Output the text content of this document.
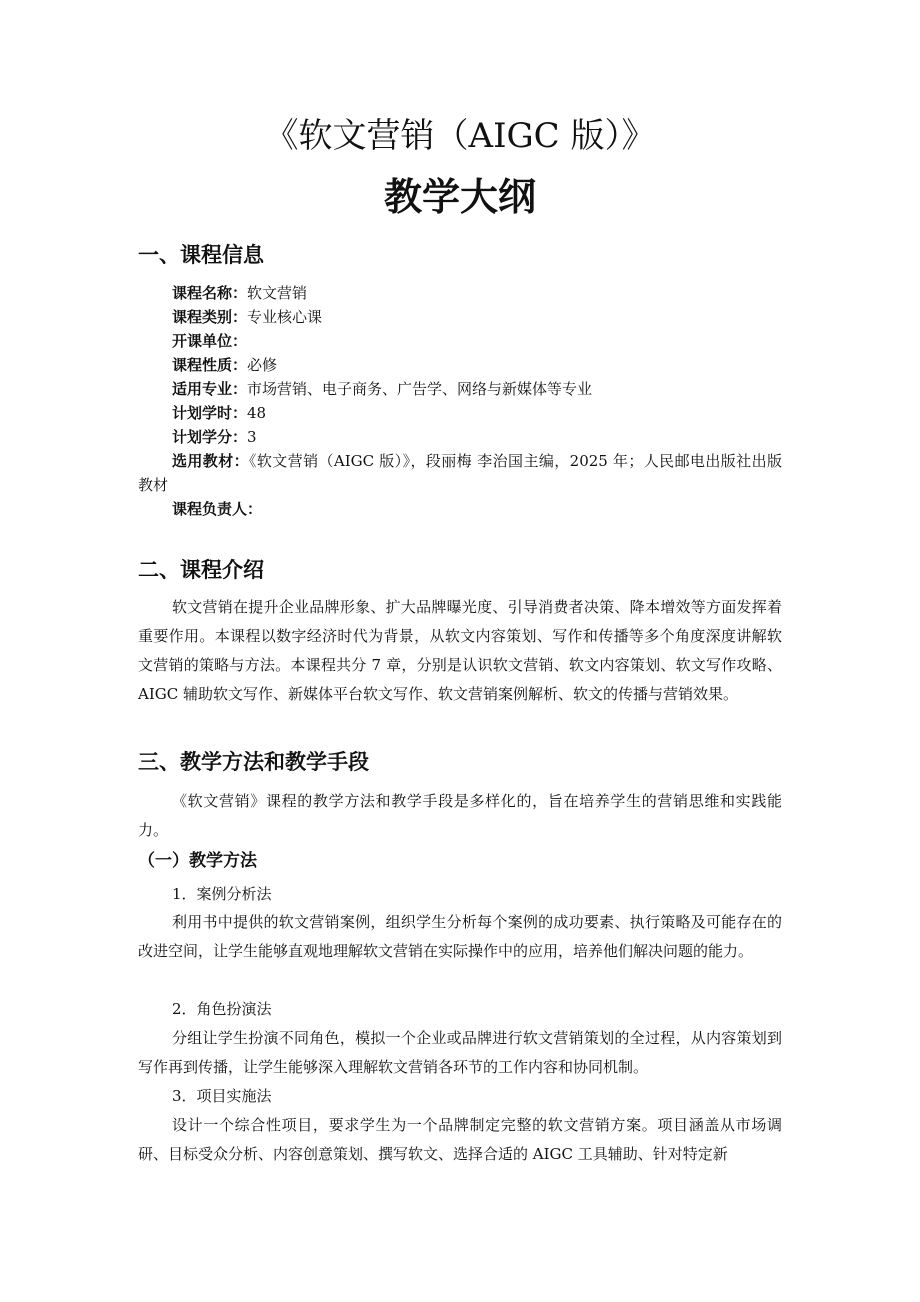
《软文营销（AIGC 版）》
教学大纲
一、课程信息
课程名称：软文营销
课程类别：专业核心课
开课单位：
课程性质：必修
适用专业：市场营销、电子商务、广告学、网络与新媒体等专业
计划学时：48
计划学分：3

选用教材：《软文营销（AIGC 版）》，段丽梅 李治国主编，2025 年；人民邮电出版社出版教材

课程负责人：
二、课程介绍

软文营销在提升企业品牌形象、扩大品牌曝光度、引导消费者决策、降本增效等方面发挥着重要作用。本课程以数字经济时代为背景，从软文内容策划、写作和传播等多个角度深度讲解软文营销的策略与方法。本课程共分 7 章，分别是认识软文营销、软文内容策划、软文写作攻略、AIGC 辅助软文写作、新媒体平台软文写作、软文营销案例解析、软文的传播与营销效果。

三、教学方法和教学手段

《软文营销》课程的教学方法和教学手段是多样化的，旨在培养学生的营销思维和实践能力。

（一）教学方法
1．案例分析法

利用书中提供的软文营销案例，组织学生分析每个案例的成功要素、执行策略及可能存在的改进空间，让学生能够直观地理解软文营销在实际操作中的应用，培养他们解决问题的能力。

2．角色扮演法

分组让学生扮演不同角色，模拟一个企业或品牌进行软文营销策划的全过程，从内容策划到写作再到传播，让学生能够深入理解软文营销各环节的工作内容和协同机制。

3．项目实施法

设计一个综合性项目，要求学生为一个品牌制定完整的软文营销方案。项目涵盖从市场调研、目标受众分析、内容创意策划、撰写软文、选择合适的 AIGC 工具辅助、针对特定新
